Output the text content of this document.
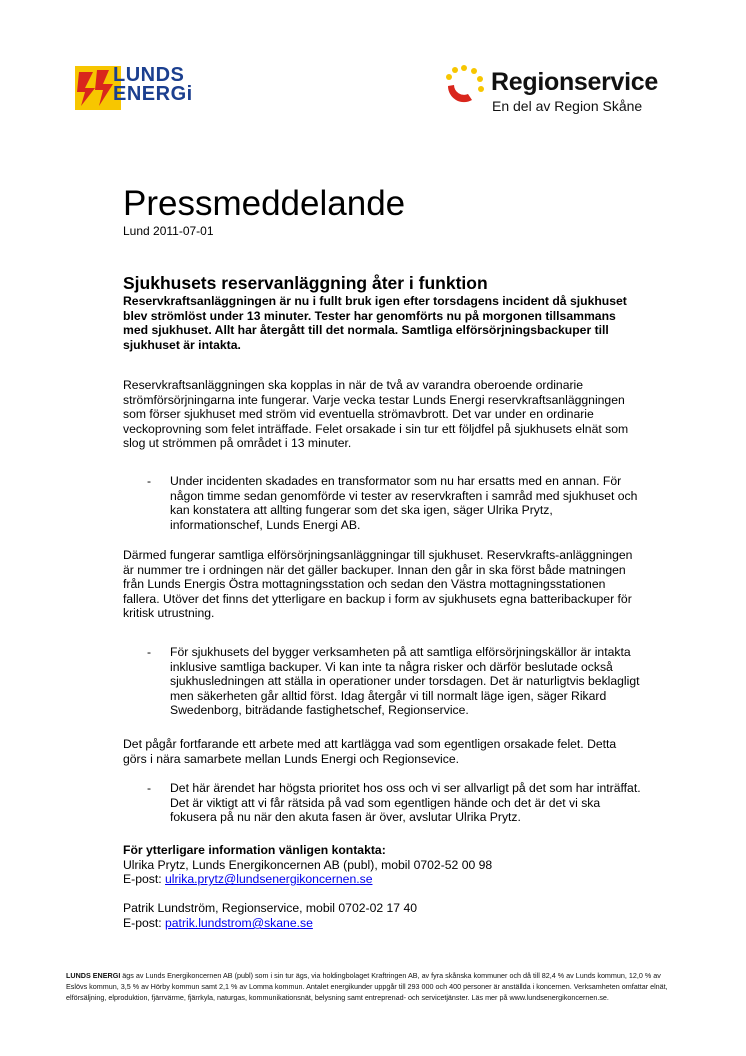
LUNDS
ENERGi	Regionservice
En del av Region Skåne
Pressmeddelande
Lund 2011-07-01
Sjukhusets reservanläggning åter i funktion
Reservkraftsanläggningen är nu i fullt bruk igen efter torsdagens incident då sjukhuset blev strömlöst under 13 minuter. Tester har genomförts nu på morgonen tillsammans med sjukhuset. Allt har återgått till det normala. Samtliga elförsörjningsbackuper till sjukhuset är intakta.
Reservkraftsanläggningen ska kopplas in när de två av varandra oberoende ordinarie strömförsörjningarna inte fungerar. Varje vecka testar Lunds Energi reservkraftsanläggningen som förser sjukhuset med ström vid eventuella strömavbrott. Det var under en ordinarie veckoprovning som felet inträffade. Felet orsakade i sin tur ett följdfel på sjukhusets elnät som slog ut strömmen på området i 13 minuter.
- Under incidenten skadades en transformator som nu har ersatts med en annan. För någon timme sedan genomförde vi tester av reservkraften i samråd med sjukhuset och kan konstatera att allting fungerar som det ska igen, säger Ulrika Prytz, informationschef, Lunds Energi AB.
Därmed fungerar samtliga elförsörjningsanläggningar till sjukhuset. Reservkrafts-anläggningen är nummer tre i ordningen när det gäller backuper. Innan den går in ska först både matningen från Lunds Energis Östra mottagningsstation och sedan den Västra mottagningsstationen fallera. Utöver det finns det ytterligare en backup i form av sjukhusets egna batteribackuper för kritisk utrustning.
- För sjukhusets del bygger verksamheten på att samtliga elförsörjningskällor är intakta inklusive samtliga backuper. Vi kan inte ta några risker och därför beslutade också sjukhusledningen att ställa in operationer under torsdagen. Det är naturligtvis beklagligt men säkerheten går alltid först. Idag återgår vi till normalt läge igen, säger Rikard Swedenborg, biträdande fastighetschef, Regionservice.
Det pågår fortfarande ett arbete med att kartlägga vad som egentligen orsakade felet. Detta görs i nära samarbete mellan Lunds Energi och Regionsevice.
- Det här ärendet har högsta prioritet hos oss och vi ser allvarligt på det som har inträffat. Det är viktigt att vi får rätsida på vad som egentligen hände och det är det vi ska fokusera på nu när den akuta fasen är över, avslutar Ulrika Prytz.
För ytterligare information vänligen kontakta:
Ulrika Prytz, Lunds Energikoncernen AB (publ), mobil 0702-52 00 98
E-post: ulrika.prytz@lundsenergikoncernen.se
Patrik Lundström, Regionservice, mobil 0702-02 17 40
E-post: patrik.lundstrom@skane.se
LUNDS ENERGI ägs av Lunds Energikoncernen AB (publ) som i sin tur ägs, via holdingbolaget Kraftringen AB, av fyra skånska kommuner och då till 82,4 % av Lunds kommun, 12,0 % av Eslövs kommun, 3,5 % av Hörby kommun samt 2,1 % av Lomma kommun. Antalet energikunder uppgår till 293 000 och 400 personer är anställda i koncernen. Verksamheten omfattar elnät, elförsäljning, elproduktion, fjärrvärme, fjärrkyla, naturgas, kommunikationsnät, belysning samt entreprenad- och servicetjänster. Läs mer på www.lundsenergikoncernen.se.
